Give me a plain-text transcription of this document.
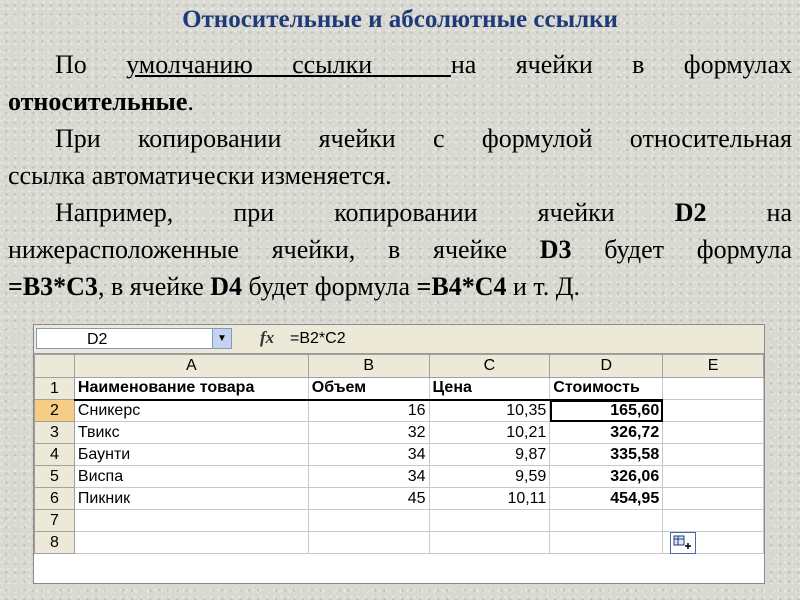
Относительные и абсолютные ссылки

По умолчанию ссылки	на ячейки в формулах
относительные.

При копировании ячейки с формулой относительная
ссылка автоматически изменяется.

Например, при копировании ячейки D2 на
нижерасположенные ячейки, в ячейке D3 будет формула
=B3*C3, в ячейке D4 будет формула =B4*C4 и т. Д.

D2	▼ fx =B2*C2
	A	B	C	D	E
1	Наименование товара	Объем	Цена	Стоимость	
2	Сникерс	16	10,35	165,60	
3	Твикс	32	10,21	326,72	
4	Баунти	34	9,87	335,58	
5	Виспа	34	9,59	326,06	
6	Пикник	45	10,11	454,95	
7					
8					
